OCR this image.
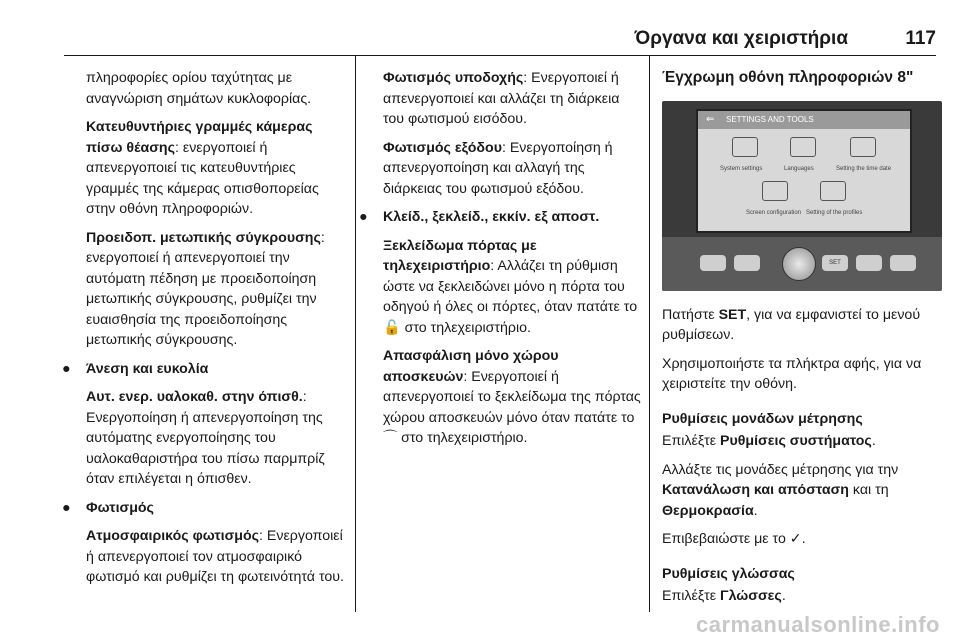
Όργανα και χειριστήρια	117

πληροφορίες ορίου ταχύτητας με αναγνώριση σημάτων κυκλοφορίας.

Κατευθυντήριες γραμμές κάμερας πίσω θέασης: ενεργοποιεί ή απενεργοποιεί τις κατευθυντήριες γραμμές της κάμερας οπισθοπορείας στην οθόνη πληροφοριών.

Προειδοπ. μετωπικής σύγκρουσης: ενεργοποιεί ή απενεργοποιεί την αυτόματη πέδηση με προειδοποίηση μετωπικής σύγκρουσης, ρυθμίζει την ευαισθησία της προειδοποίησης μετωπικής σύγκρουσης.

● Άνεση και ευκολία

Αυτ. ενερ. υαλοκαθ. στην όπισθ.: Ενεργοποίηση ή απενεργοποίηση της αυτόματης ενεργοποίησης του υαλοκαθαριστήρα του πίσω παρμπρίζ όταν επιλέγεται η όπισθεν.

● Φωτισμός

Ατμοσφαιρικός φωτισμός: Ενεργοποιεί ή απενεργοποιεί τον ατμοσφαιρικό φωτισμό και ρυθμίζει τη φωτεινότητά του.

Φωτισμός υποδοχής: Ενεργοποιεί ή απενεργοποιεί και αλλάζει τη διάρκεια του φωτισμού εισόδου.

Φωτισμός εξόδου: Ενεργοποίηση ή απενεργοποίηση και αλλαγή της διάρκειας του φωτισμού εξόδου.

● Κλείδ., ξεκλείδ., εκκίν. εξ αποστ.

Ξεκλείδωμα πόρτας με τηλεχειριστήριο: Αλλάζει τη ρύθμιση ώστε να ξεκλειδώνει μόνο η πόρτα του οδηγού ή όλες οι πόρτες, όταν πατάτε το 🔓 στο τηλεχειριστήριο.

Απασφάλιση μόνο χώρου αποσκευών: Ενεργοποιεί ή απενεργοποιεί το ξεκλείδωμα της πόρτας χώρου αποσκευών μόνο όταν πατάτε το ⌒ στο τηλεχειριστήριο.

Έγχρωμη οθόνη πληροφοριών 8"
⇐ SETTINGS AND TOOLS
System settings	Languages	Setting the time date
Screen configuration Setting of the profiles
SET

Πατήστε SET, για να εμφανιστεί το μενού ρυθμίσεων.

Χρησιμοποιήστε τα πλήκτρα αφής, για να χειριστείτε την οθόνη.

Ρυθμίσεις μονάδων μέτρησης

Επιλέξτε Ρυθμίσεις συστήματος.

Αλλάξτε τις μονάδες μέτρησης για την Κατανάλωση και απόσταση και τη Θερμοκρασία.

Επιβεβαιώστε με το ✓.

Ρυθμίσεις γλώσσας

Επιλέξτε Γλώσσες.

carmanualsonline.info
